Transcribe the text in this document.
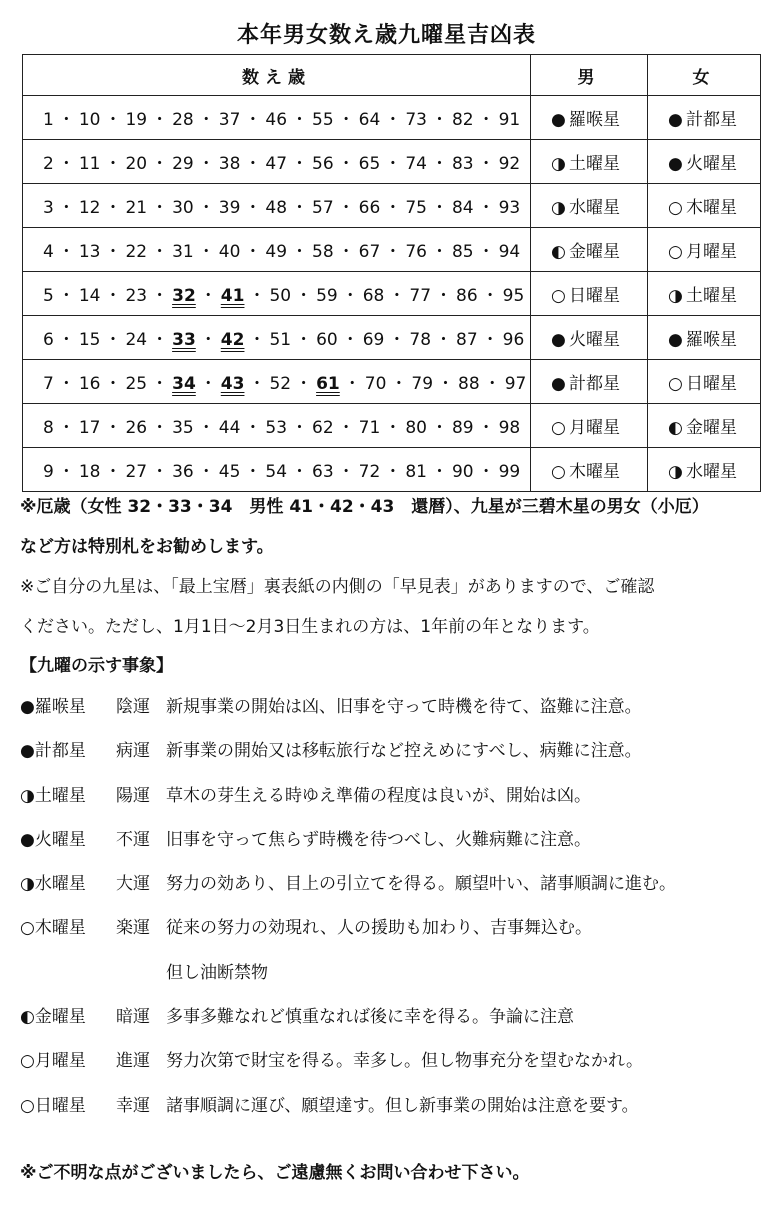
本年男女数え歳九曜星吉凶表
数え歳	男	女
1 ・ 10 ・ 19 ・ 28 ・ 37 ・ 46 ・ 55 ・ 64 ・ 73 ・ 82 ・ 91	● 羅喉星	● 計都星
2 ・ 11 ・ 20 ・ 29 ・ 38 ・ 47 ・ 56 ・ 65 ・ 74 ・ 83 ・ 92	◑ 土曜星	● 火曜星
3 ・ 12 ・ 21 ・ 30 ・ 39 ・ 48 ・ 57 ・ 66 ・ 75 ・ 84 ・ 93	◑ 水曜星	○ 木曜星
4 ・ 13 ・ 22 ・ 31 ・ 40 ・ 49 ・ 58 ・ 67 ・ 76 ・ 85 ・ 94	◐ 金曜星	○ 月曜星
5 ・ 14 ・ 23 ・ 32 ・ 41 ・ 50 ・ 59 ・ 68 ・ 77 ・ 86 ・ 95	○ 日曜星	◑ 土曜星
6 ・ 15 ・ 24 ・ 33 ・ 42 ・ 51 ・ 60 ・ 69 ・ 78 ・ 87 ・ 96	● 火曜星	● 羅喉星
7 ・ 16 ・ 25 ・ 34 ・ 43 ・ 52 ・ 61 ・ 70 ・ 79 ・ 88 ・ 97	● 計都星	○ 日曜星
8 ・ 17 ・ 26 ・ 35 ・ 44 ・ 53 ・ 62 ・ 71 ・ 80 ・ 89 ・ 98	○ 月曜星	◐ 金曜星
9 ・ 18 ・ 27 ・ 36 ・ 45 ・ 54 ・ 63 ・ 72 ・ 81 ・ 90 ・ 99	○ 木曜星	◑ 水曜星
※厄歳（女性 32・33・34　男性 41・42・43　還暦）、九星が三碧木星の男女（小厄）
など方は特別札をお勧めします。
※ご自分の九星は、「最上宝暦」裏表紙の内側の「早見表」がありますので、ご確認
ください。ただし、1月1日〜2月3日生まれの方は、1年前の年となります。
【九曜の示す事象】
●羅喉星 陰運 新規事業の開始は凶、旧事を守って時機を待て、盗難に注意。
●計都星 病運 新事業の開始又は移転旅行など控えめにすべし、病難に注意。
◑土曜星 陽運 草木の芽生える時ゆえ準備の程度は良いが、開始は凶。
●火曜星 不運 旧事を守って焦らず時機を待つべし、火難病難に注意。
◑水曜星 大運 努力の効あり、目上の引立てを得る。願望叶い、諸事順調に進む。
○木曜星 楽運 従来の努力の効現れ、人の援助も加わり、吉事舞込む。
但し油断禁物
◐金曜星 暗運 多事多難なれど慎重なれば後に幸を得る。争論に注意
○月曜星 進運 努力次第で財宝を得る。幸多し。但し物事充分を望むなかれ。
○日曜星 幸運 諸事順調に運び、願望達す。但し新事業の開始は注意を要す。
※ご不明な点がございましたら、ご遠慮無くお問い合わせ下さい。
